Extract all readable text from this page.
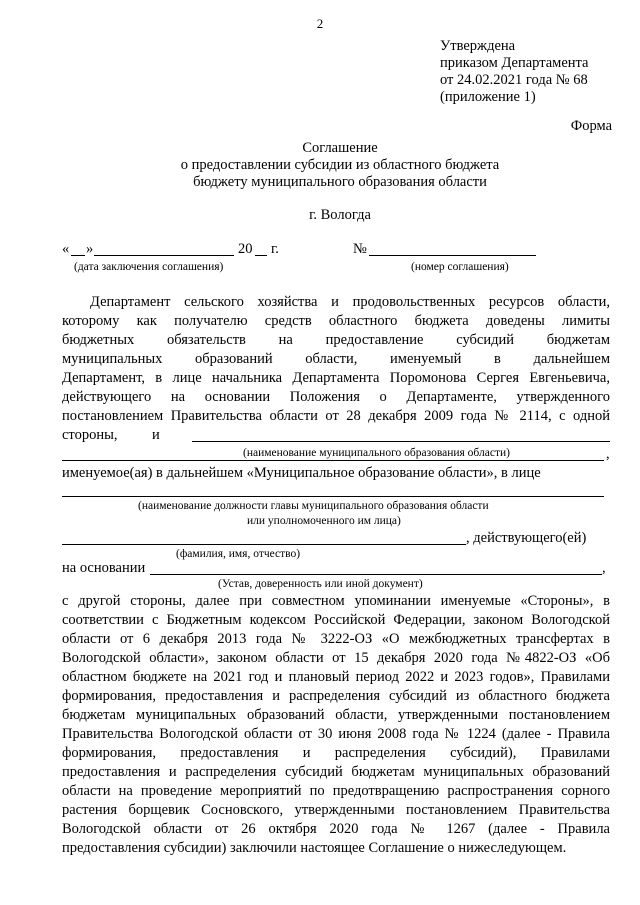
2
Утверждена
приказом Департамента
от 24.02.2021 года № 68
(приложение 1)
Форма
Соглашение
о предоставлении субсидии из областного бюджета
бюджету муниципального образования области
г. Вологда
« »	20 г.	№
(дата заключения соглашения)	(номер соглашения)
Департамент сельского хозяйства и продовольственных ресурсов области,
которому как получателю средств областного бюджета доведены лимиты
бюджетных обязательств на предоставление субсидий бюджетам
муниципальных образований области, именуемый в дальнейшем
Департамент, в лице начальника Департамента Поромонова Сергея Евгеньевича,
действующего на основании Положения о Департаменте, утвержденного
постановлением Правительства области от 28 декабря 2009 года № 2114, с одной
стороны, и
,
(наименование муниципального образования области)
именуемое(ая) в дальнейшем «Муниципальное образование области», в лице
(наименование должности главы муниципального образования области
или уполномоченного им лица)
, действующего(ей)
(фамилия, имя, отчество)
на основании	,
(Устав, доверенность или иной документ)
с другой стороны, далее при совместном упоминании именуемые «Стороны», в
соответствии с Бюджетным кодексом Российской Федерации, законом Вологодской
области от 6 декабря 2013 года № 3222-ОЗ «О межбюджетных трансфертах в
Вологодской области», законом области от 15 декабря 2020 года №4822-ОЗ «Об
областном бюджете на 2021 год и плановый период 2022 и 2023 годов», Правилами
формирования, предоставления и распределения субсидий из областного бюджета
бюджетам муниципальных образований области, утвержденными постановлением
Правительства Вологодской области от 30 июня 2008 года № 1224 (далее - Правила
формирования, предоставления и распределения субсидий), Правилами
предоставления и распределения субсидий бюджетам муниципальных образований
области на проведение мероприятий по предотвращению распространения сорного
растения борщевик Сосновского, утвержденными постановлением Правительства
Вологодской области от 26 октября 2020 года № 1267 (далее - Правила
предоставления субсидии) заключили настоящее Соглашение о нижеследующем.
